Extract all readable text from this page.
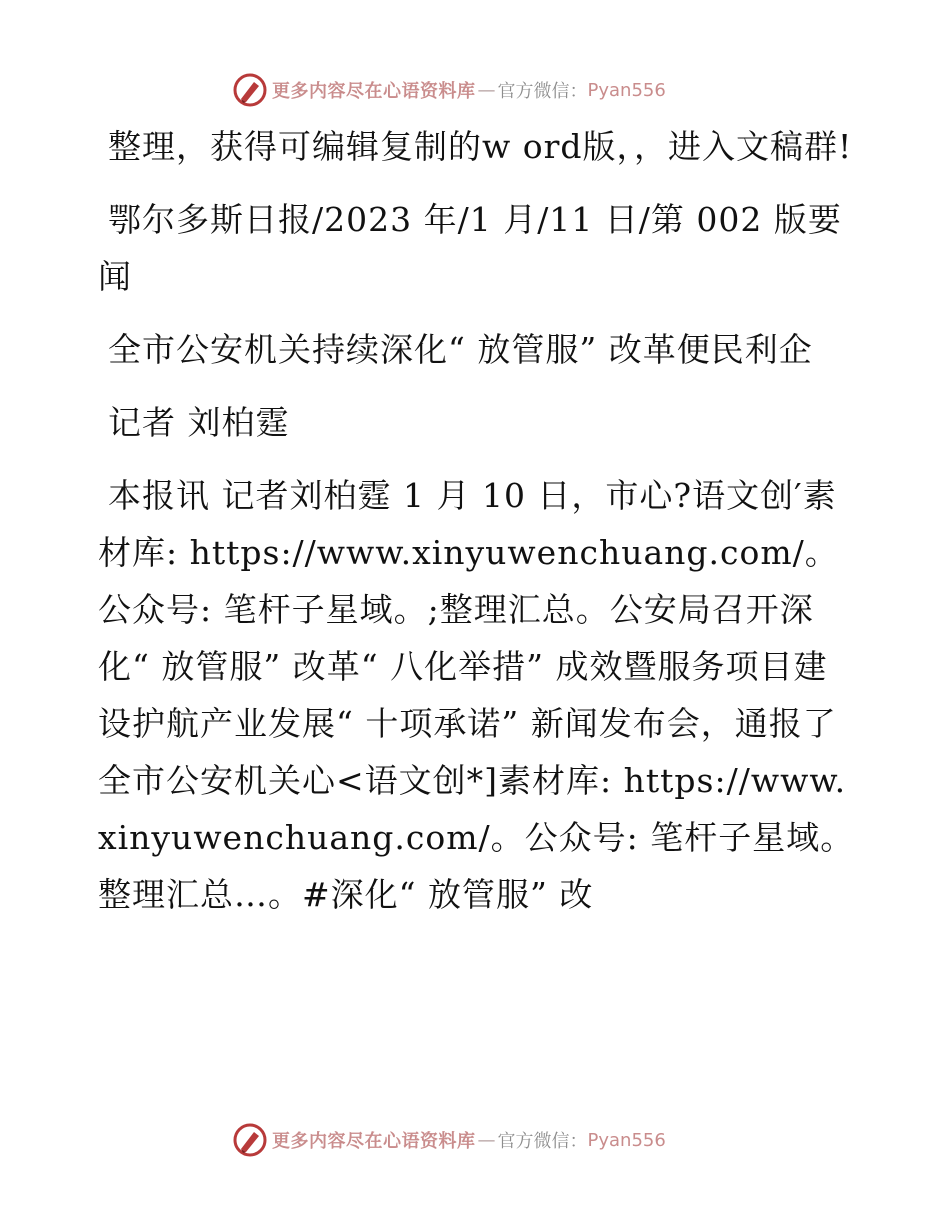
更多内容尽在心语资料库 — 官方微信： Pyan556

整理，获得可编辑复制的w ord版，，进入文稿群!

鄂尔多斯日报/2023 年/1 月/11 日/第 002 版要闻

全市公安机关持续深化“ 放管服” 改革便民利企

记者 刘柏霆

本报讯 记者刘柏霆 1 月 10 日，市心?语文创′素材库: https://www.xinyuwenchuang.com/。公众号: 笔杆子星域。;整理汇总。公安局召开深化“ 放管服” 改革“ 八化举措” 成效暨服务项目建设护航产业发展“ 十项承诺” 新闻发布会，通报了全市公安机关心<语文创*]素材库: https://www.xinyuwenchuang.com/。公众号: 笔杆子星域。整理汇总…。#深化“ 放管服” 改

更多内容尽在心语资料库 — 官方微信： Pyan556
